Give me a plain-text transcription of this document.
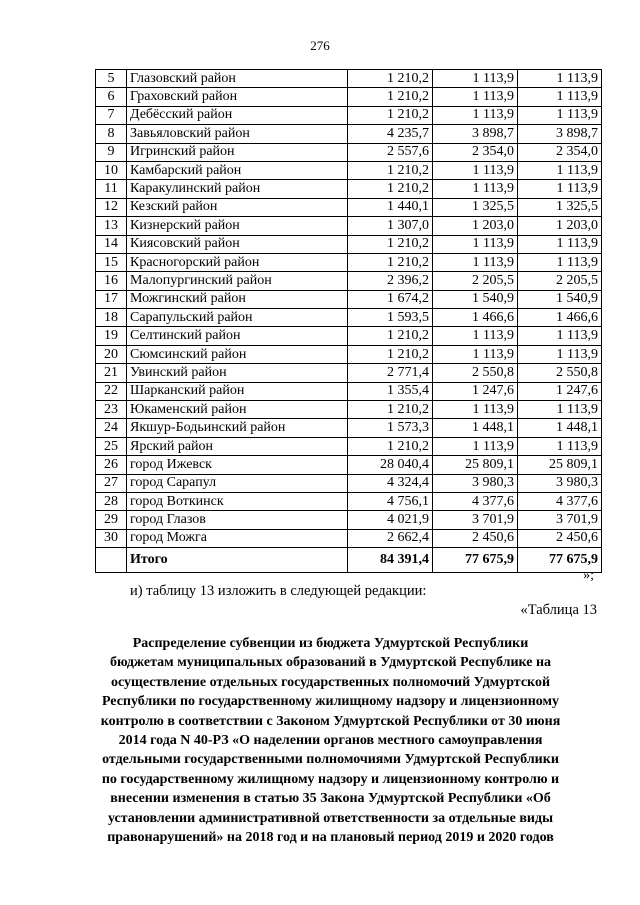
276
5	Глазовский район	1 210,2	1 113,9	1 113,9
6	Граховский район	1 210,2	1 113,9	1 113,9
7	Дебёсский район	1 210,2	1 113,9	1 113,9
8	Завьяловский район	4 235,7	3 898,7	3 898,7
9	Игринский район	2 557,6	2 354,0	2 354,0
10	Камбарский район	1 210,2	1 113,9	1 113,9
11	Каракулинский район	1 210,2	1 113,9	1 113,9
12	Кезский район	1 440,1	1 325,5	1 325,5
13	Кизнерский район	1 307,0	1 203,0	1 203,0
14	Киясовский район	1 210,2	1 113,9	1 113,9
15	Красногорский район	1 210,2	1 113,9	1 113,9
16	Малопургинский район	2 396,2	2 205,5	2 205,5
17	Можгинский район	1 674,2	1 540,9	1 540,9
18	Сарапульский район	1 593,5	1 466,6	1 466,6
19	Селтинский район	1 210,2	1 113,9	1 113,9
20	Сюмсинский район	1 210,2	1 113,9	1 113,9
21	Увинский район	2 771,4	2 550,8	2 550,8
22	Шарканский район	1 355,4	1 247,6	1 247,6
23	Юкаменский район	1 210,2	1 113,9	1 113,9
24	Якшур-Бодьинский район	1 573,3	1 448,1	1 448,1
25	Ярский район	1 210,2	1 113,9	1 113,9
26	город Ижевск	28 040,4	25 809,1	25 809,1
27	город Сарапул	4 324,4	3 980,3	3 980,3
28	город Воткинск	4 756,1	4 377,6	4 377,6
29	город Глазов	4 021,9	3 701,9	3 701,9
30	город Можга	2 662,4	2 450,6	2 450,6
	Итого	84 391,4	77 675,9	77 675,9
»;
и) таблицу 13 изложить в следующей редакции:
«Таблица 13
Распределение субвенции из бюджета Удмуртской Республики
бюджетам муниципальных образований в Удмуртской Республике на
осуществление отдельных государственных полномочий Удмуртской
Республики по государственному жилищному надзору и лицензионному
контролю в соответствии с Законом Удмуртской Республики от 30 июня
2014 года N 40-РЗ «О наделении органов местного самоуправления
отдельными государственными полномочиями Удмуртской Республики
по государственному жилищному надзору и лицензионному контролю и
внесении изменения в статью 35 Закона Удмуртской Республики «Об
установлении административной ответственности за отдельные виды
правонарушений» на 2018 год и на плановый период 2019 и 2020 годов
